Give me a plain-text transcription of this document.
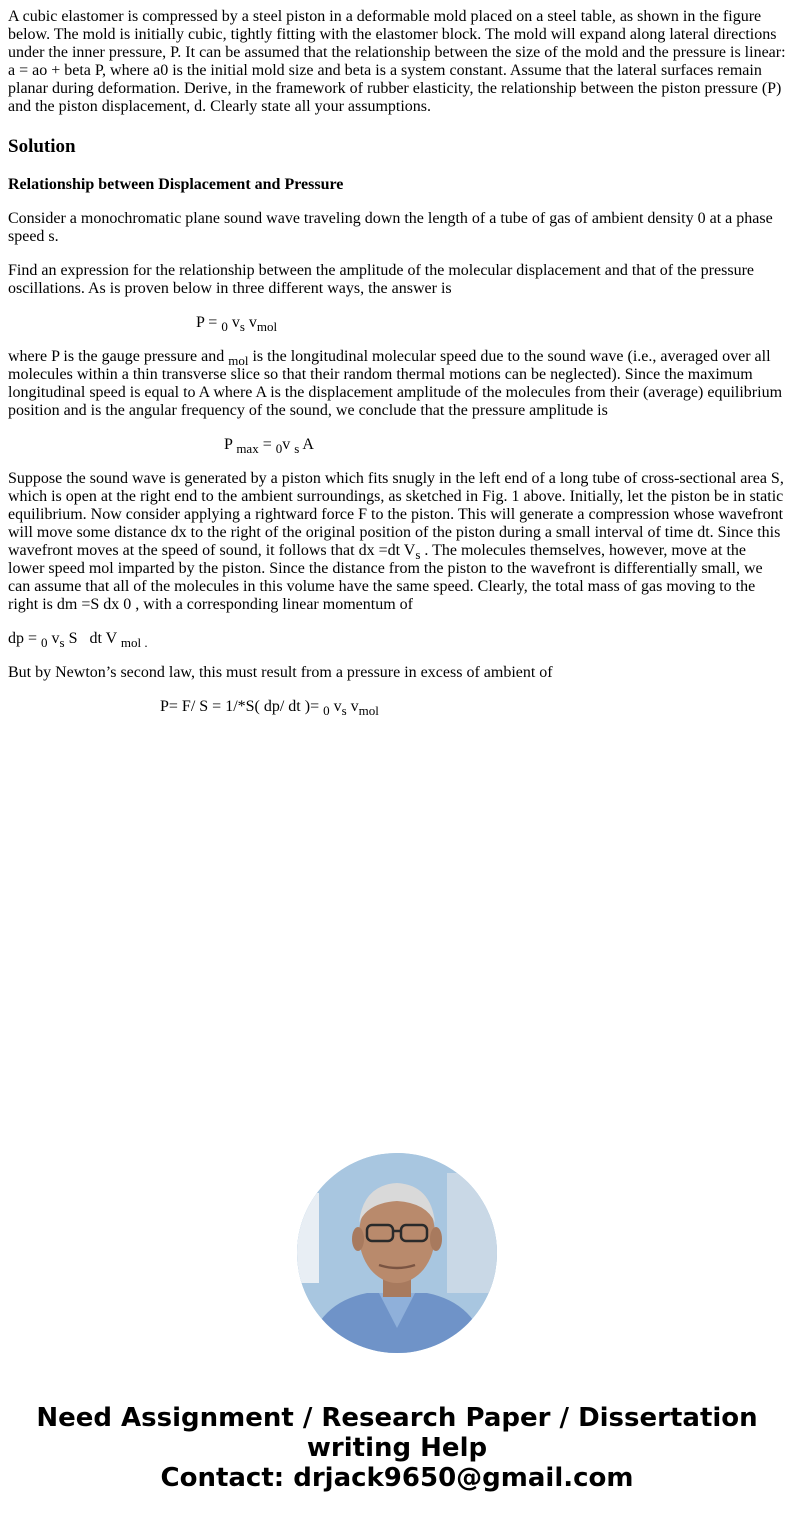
A cubic elastomer is compressed by a steel piston in a deformable mold placed on a steel table, as shown in the figure below. The mold is initially cubic, tightly fitting with the elastomer block. The mold will expand along lateral directions under the inner pressure, P. It can be assumed that the relationship between the size of the mold and the pressure is linear: a = ao + beta P, where a0 is the initial mold size and beta is a system constant. Assume that the lateral surfaces remain planar during deformation. Derive, in the framework of rubber elasticity, the relationship between the piston pressure (P) and the piston displacement, d. Clearly state all your assumptions.

Solution
Relationship between Displacement and Pressure

Consider a monochromatic plane sound wave traveling down the length of a tube of gas of ambient density 0 at a phase speed s.

Find an expression for the relationship between the amplitude of the molecular displacement and that of the pressure oscillations. As is proven below in three different ways, the answer is

P = $_0$ $v_s$ $v_{mol}$

where P is the gauge pressure and $_{mol}$ is the longitudinal molecular speed due to the sound wave (i.e., averaged over all molecules within a thin transverse slice so that their random thermal motions can be neglected). Since the maximum longitudinal speed is equal to A where A is the displacement amplitude of the molecules from their (average) equilibrium position and is the angular frequency of the sound, we conclude that the pressure amplitude is

P $_{max}$ = $_0$v $_s$ A

Suppose the sound wave is generated by a piston which fits snugly in the left end of a long tube of cross-sectional area S, which is open at the right end to the ambient surroundings, as sketched in Fig. 1 above. Initially, let the piston be in static equilibrium. Now consider applying a rightward force F to the piston. This will generate a compression whose wavefront will move some distance dx to the right of the original position of the piston during a small interval of time dt. Since this wavefront moves at the speed of sound, it follows that dx =dt $V_s$ . The molecules themselves, however, move at the lower speed mol imparted by the piston. Since the distance from the piston to the wavefront is differentially small, we can assume that all of the molecules in this volume have the same speed. Clearly, the total mass of gas moving to the right is dm =S dx 0 , with a corresponding linear momentum of

dp = $_0$ $v_s$ S   dt V $_{mol .}$

But by Newton’s second law, this must result from a pressure in excess of ambient of

P= F/ S = 1/*S( dp/ dt )= $_0$ $v_s$ $v_{mol}$

Need Assignment / Research Paper / Dissertation
writing Help
Contact: drjack9650@gmail.com
